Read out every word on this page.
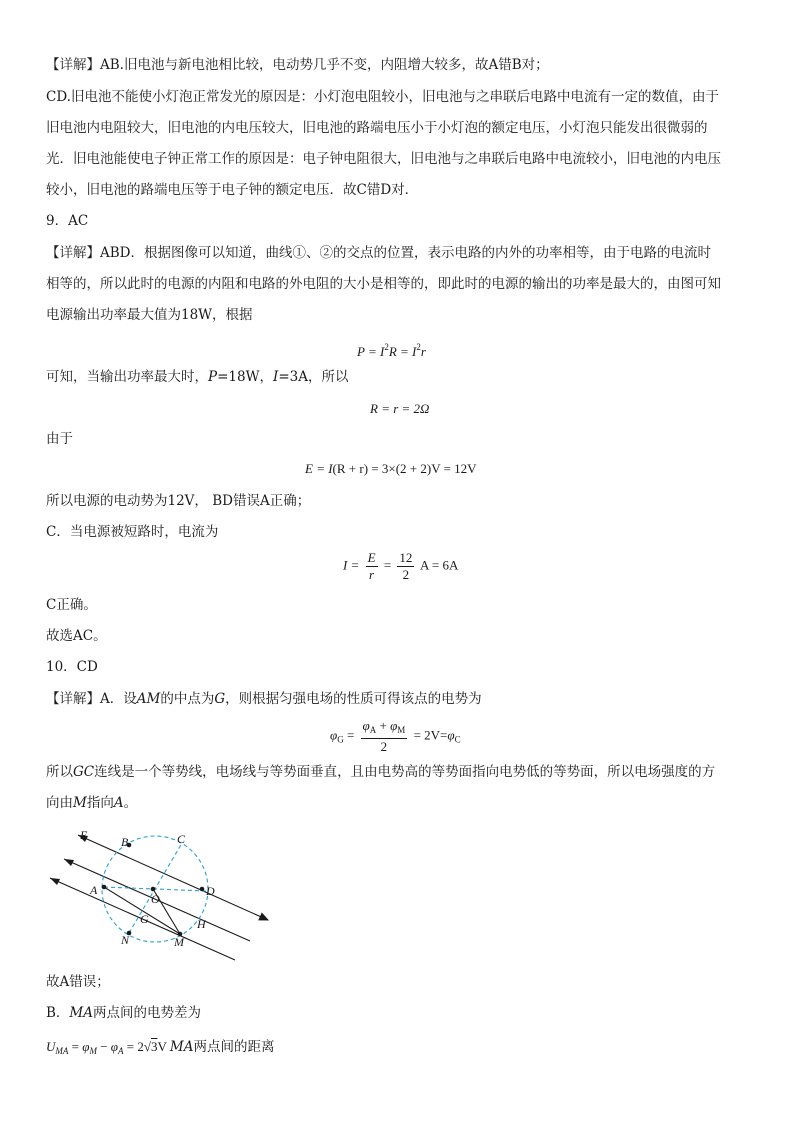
【详解】AB.旧电池与新电池相比较，电动势几乎不变，内阻增大较多，故A错B对；
CD.旧电池不能使小灯泡正常发光的原因是：小灯泡电阻较小，旧电池与之串联后电路中电流有一定的数值，由于
旧电池内电阻较大，旧电池的内电压较大，旧电池的路端电压小于小灯泡的额定电压，小灯泡只能发出很微弱的
光．旧电池能使电子钟正常工作的原因是：电子钟电阻很大，旧电池与之串联后电路中电流较小，旧电池的内电压
较小，旧电池的路端电压等于电子钟的额定电压．故C错D对．
9．AC
【详解】ABD．根据图像可以知道，曲线①、②的交点的位置，表示电路的内外的功率相等，由于电路的电流时
相等的，所以此时的电源的内阻和电路的外电阻的大小是相等的，即此时的电源的输出的功率是最大的，由图可知
电源输出功率最大值为18W，根据
$P = I^2R = I^2r$
可知，当输出功率最大时，P=18W，I=3A，所以
R = r = 2Ω
由于
E = I(R + r) = 3×(2 + 2)V = 12V
所以电源的电动势为12V， BD错误A正确；
C．当电源被短路时，电流为
$I = \frac{E}{r} = \frac{12}{2}$ A = 6A
C正确。
故选AC。
10．CD
【详解】A．设AM的中点为G，则根据匀强电场的性质可得该点的电势为
$\varphi_G = \frac{\varphi_A + \varphi_M}{2} = 2V=\varphi_C$
所以GC连线是一个等势线，电场线与等势面垂直，且由电势高的等势面指向电势低的等势面，所以电场强度的方
向由M指向A。
E	B	C
A	D
O
G	H
N	M
故A错误；
B．MA两点间的电势差为
$U_{MA} = \varphi_M - \varphi_A = 2√3V$ MA两点间的距离
